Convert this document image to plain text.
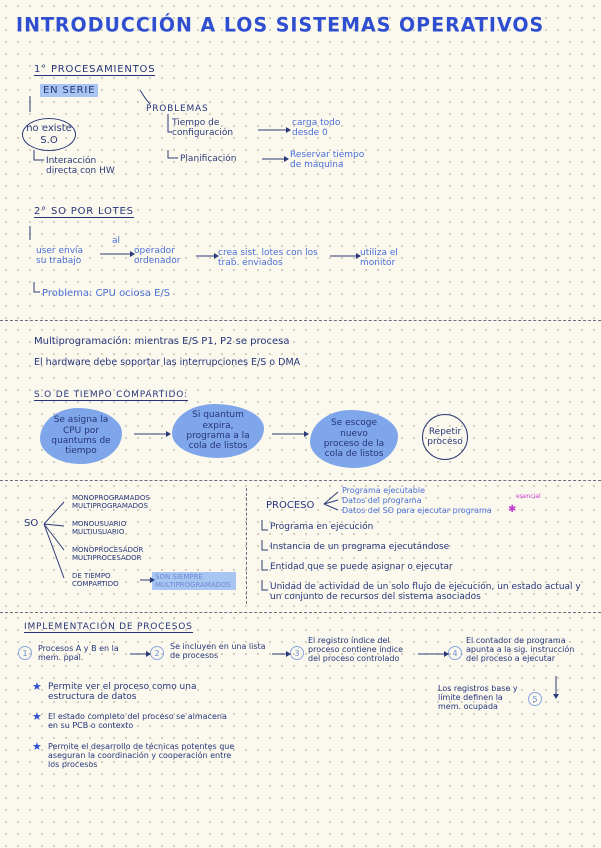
INTRODUCCIÓN A LOS SISTEMAS OPERATIVOS
1° PROCESAMIENTOS
EN SERIE
no existe S.O
PROBLEMAS
Tiempo de configuración
carga todo desde 0
Planificación	Reservar tiempo de máquina
Interacción directa con HW
2° SO POR LOTES
user envía su trabajo
al
operador ordenador
crea sist. lotes con los trab. enviados
utiliza el monitor
Problema: CPU ociosa E/S
Multiprogramación: mientras E/S P1, P2 se procesa
El hardware debe soportar las interrupciones E/S o DMA
S.O DE TIEMPO COMPARTIDO:
Se asigna la CPU por quantums de tiempo
Si quantum expira, programa a la cola de listos
Se escoge nuevo proceso de la cola de listos
Repetir proceso
SO
MONOPROGRAMADOS MULTIPROGRAMADOS
MONOUSUARIO MULTIUSUARIO
MONOPROCESADOR MULTIPROCESADOR
DE TIEMPO COMPARTIDO
SON SIEMPRE MULTIPROGRAMADOS
PROCESO
Programa ejecutable
Datos del programa
Datos del SO para ejecutar programa
esencial
Programa en ejecución
Instancia de un programa ejecutándose
Entidad que se puede asignar o ejecutar
Unidad de actividad de un solo flujo de ejecución, un estado actual y un conjunto de recursos del sistema asociados
IMPLEMENTACIÓN DE PROCESOS
1	Procesos A y B en la mem. ppal.
2
Se incluyen en una lista de procesos	3
El registro índice del proceso contiene índice del proceso controlado
4
El contador de programa apunta a la sig. instrucción del proceso a ejecutar
Los registros base y límite definen la mem. ocupada
5
★ Permite ver el proceso como una estructura de datos
★ El estado completo del proceso se almacena en su PCB o contexto
★ Permite el desarrollo de técnicas potentes que aseguran la coordinación y cooperación entre los procesos
✱
